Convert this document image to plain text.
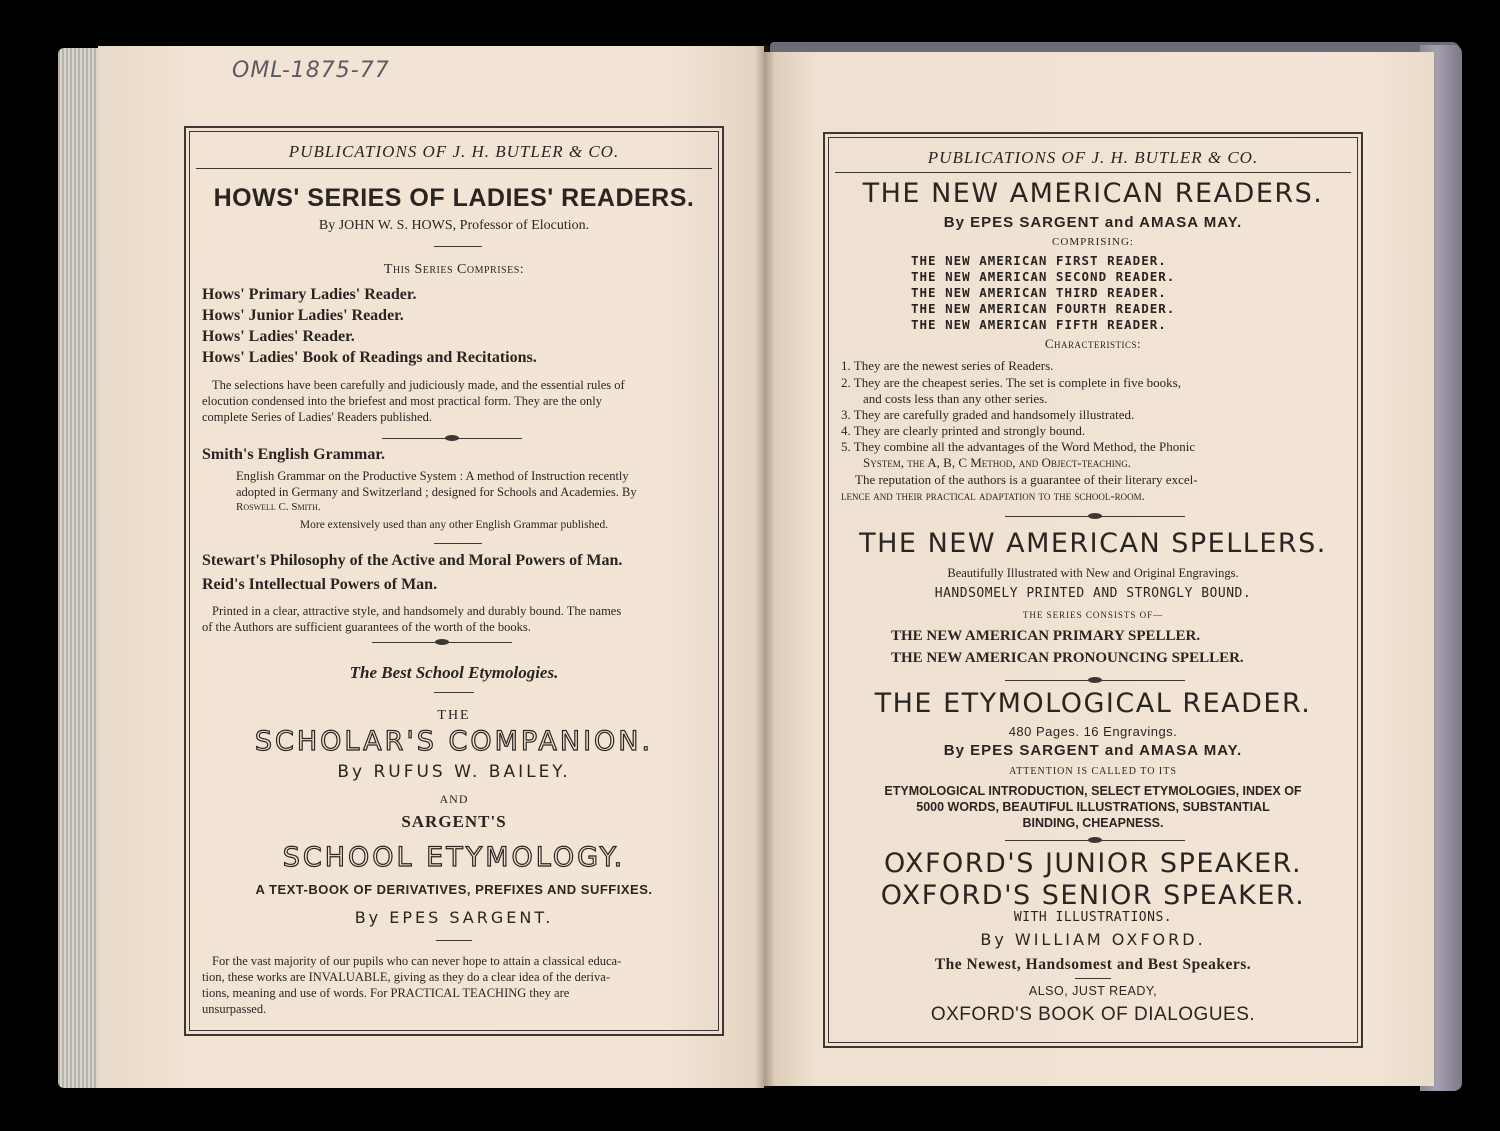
OML-1875-77
PUBLICATIONS OF J. H. BUTLER & CO.
HOWS' SERIES OF LADIES' READERS.
By JOHN W. S. HOWS, Professor of Elocution.
This Series Comprises:
Hows' Primary Ladies' Reader.
Hows' Junior Ladies' Reader.
Hows' Ladies' Reader.
Hows' Ladies' Book of Readings and Recitations.
The selections have been carefully and judiciously made, and the essential rules of
elocution condensed into the briefest and most practical form. They are the only
complete Series of Ladies' Readers published.
Smith's English Grammar.
English Grammar on the Productive System : A method of Instruction recently
adopted in Germany and Switzerland ; designed for Schools and Academies. By
Roswell C. Smith.
More extensively used than any other English Grammar published.
Stewart's Philosophy of the Active and Moral Powers of Man.
Reid's Intellectual Powers of Man.
Printed in a clear, attractive style, and handsomely and durably bound. The names
of the Authors are sufficient guarantees of the worth of the books.
The Best School Etymologies.
THE
SCHOLAR'S COMPANION.
By RUFUS W. BAILEY.
AND
SARGENT'S
SCHOOL ETYMOLOGY.
A TEXT-BOOK OF DERIVATIVES, PREFIXES AND SUFFIXES.
By EPES SARGENT.
For the vast majority of our pupils who can never hope to attain a classical educa-
tion, these works are INVALUABLE, giving as they do a clear idea of the deriva-
tions, meaning and use of words. For PRACTICAL TEACHING they are
unsurpassed.
PUBLICATIONS OF J. H. BUTLER & CO.
THE NEW AMERICAN READERS.
By EPES SARGENT and AMASA MAY.
COMPRISING:
THE NEW AMERICAN FIRST READER.
THE NEW AMERICAN SECOND READER.
THE NEW AMERICAN THIRD READER.
THE NEW AMERICAN FOURTH READER.
THE NEW AMERICAN FIFTH READER.
Characteristics:
1. They are the newest series of Readers.
2. They are the cheapest series. The set is complete in five books,
and costs less than any other series.
3. They are carefully graded and handsomely illustrated.
4. They are clearly printed and strongly bound.
5. They combine all the advantages of the Word Method, the Phonic
System, the A, B, C Method, and Object-teaching.
The reputation of the authors is a guarantee of their literary excel-
lence and their practical adaptation to the school-room.
THE NEW AMERICAN SPELLERS.
Beautifully Illustrated with New and Original Engravings.
HANDSOMELY PRINTED AND STRONGLY BOUND.
THE SERIES CONSISTS OF—
THE NEW AMERICAN PRIMARY SPELLER.
THE NEW AMERICAN PRONOUNCING SPELLER.
THE ETYMOLOGICAL READER.
480 Pages. 16 Engravings.
By EPES SARGENT and AMASA MAY.
ATTENTION IS CALLED TO ITS
ETYMOLOGICAL INTRODUCTION, SELECT ETYMOLOGIES, INDEX OF
5000 WORDS, BEAUTIFUL ILLUSTRATIONS, SUBSTANTIAL
BINDING, CHEAPNESS.
OXFORD'S JUNIOR SPEAKER.
OXFORD'S SENIOR SPEAKER.
WITH ILLUSTRATIONS.
By WILLIAM OXFORD.
The Newest, Handsomest and Best Speakers.
ALSO, JUST READY,
OXFORD'S BOOK OF DIALOGUES.
